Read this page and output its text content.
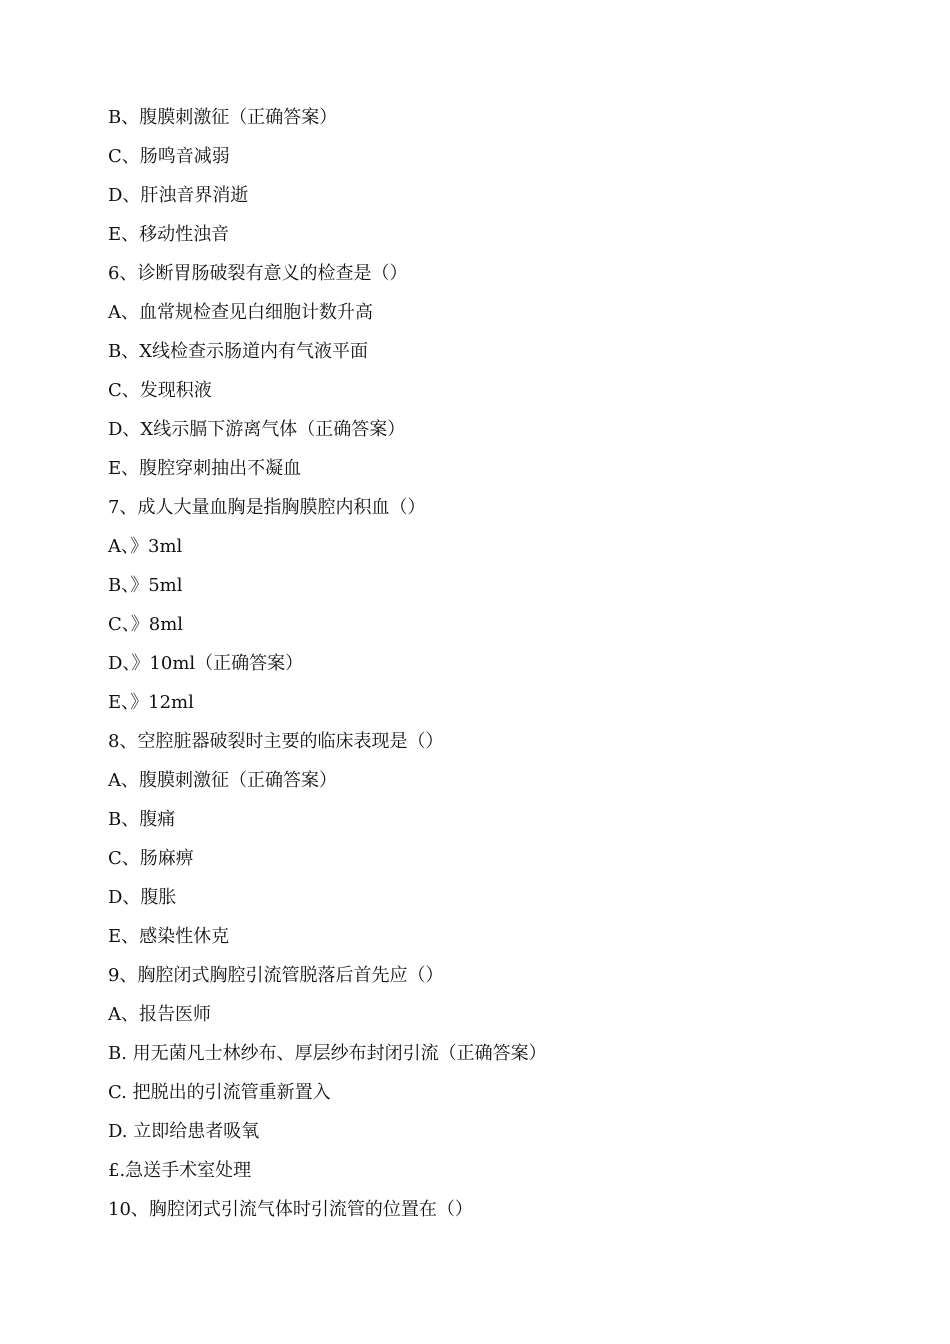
B、腹膜刺激征（正确答案）
C、肠鸣音减弱
D、肝浊音界消逝
E、移动性浊音
6、诊断胃肠破裂有意义的检查是（）
A、血常规检查见白细胞计数升高
B、X线检查示肠道内有气液平面
C、发现积液
D、X线示膈下游离气体（正确答案）
E、腹腔穿刺抽出不凝血
7、成人大量血胸是指胸膜腔内积血（）
A、》3ml
B、》5ml
C、》8ml
D、》10ml（正确答案）
E、》12ml
8、空腔脏器破裂时主要的临床表现是（）
A、腹膜刺激征（正确答案）
B、腹痛
C、肠麻痹
D、腹胀
E、感染性休克
9、胸腔闭式胸腔引流管脱落后首先应（）
A、报告医师
B. 用无菌凡士林纱布、厚层纱布封闭引流（正确答案）
C. 把脱出的引流管重新置入
D. 立即给患者吸氧
£.急送手术室处理
10、胸腔闭式引流气体时引流管的位置在（）
